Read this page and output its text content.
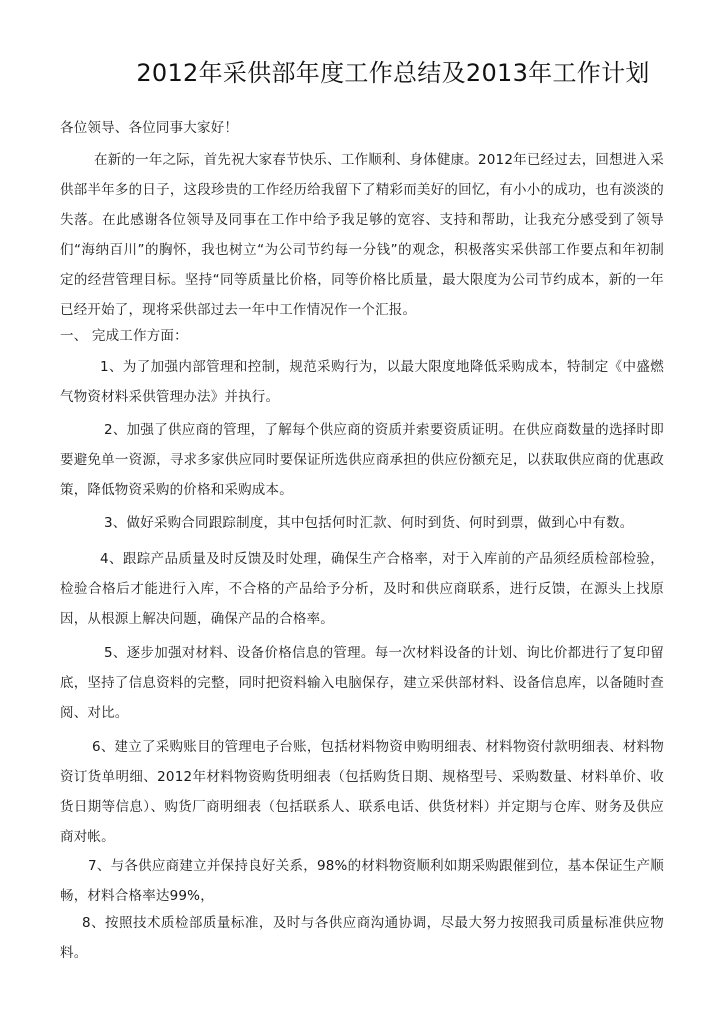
2012年采供部年度工作总结及2013年工作计划
各位领导、各位同事大家好！
在新的一年之际，首先祝大家春节快乐、工作顺利、身体健康。2012年已经过去，回想进入采供部半年多的日子，这段珍贵的工作经历给我留下了精彩而美好的回忆，有小小的成功，也有淡淡的失落。在此感谢各位领导及同事在工作中给予我足够的宽容、支持和帮助，让我充分感受到了领导们“海纳百川”的胸怀，我也树立“为公司节约每一分钱”的观念，积极落实采供部工作要点和年初制定的经营管理目标。坚持“同等质量比价格，同等价格比质量，最大限度为公司节约成本，新的一年已经开始了，现将采供部过去一年中工作情况作一个汇报。
一、 完成工作方面：
1、为了加强内部管理和控制，规范采购行为，以最大限度地降低采购成本，特制定《中盛燃气物资材料采供管理办法》并执行。
2、加强了供应商的管理，了解每个供应商的资质并索要资质证明。在供应商数量的选择时即要避免单一资源，寻求多家供应同时要保证所选供应商承担的供应份额充足，以获取供应商的优惠政策，降低物资采购的价格和采购成本。
3、做好采购合同跟踪制度，其中包括何时汇款、何时到货、何时到票，做到心中有数。
4、跟踪产品质量及时反馈及时处理，确保生产合格率，对于入库前的产品须经质检部检验，检验合格后才能进行入库，不合格的产品给予分析，及时和供应商联系，进行反馈，在源头上找原因，从根源上解决问题，确保产品的合格率。
5、逐步加强对材料、设备价格信息的管理。每一次材料设备的计划、询比价都进行了复印留底，坚持了信息资料的完整，同时把资料输入电脑保存，建立采供部材料、设备信息库，以备随时查阅、对比。
6、建立了采购账目的管理电子台账，包括材料物资申购明细表、材料物资付款明细表、材料物资订货单明细、2012年材料物资购货明细表（包括购货日期、规格型号、采购数量、材料单价、收货日期等信息）、购货厂商明细表（包括联系人、联系电话、供货材料）并定期与仓库、财务及供应商对帐。
7、与各供应商建立并保持良好关系，98%的材料物资顺利如期采购跟催到位，基本保证生产顺畅，材料合格率达99%，
8、按照技术质检部质量标准，及时与各供应商沟通协调，尽最大努力按照我司质量标准供应物料。
